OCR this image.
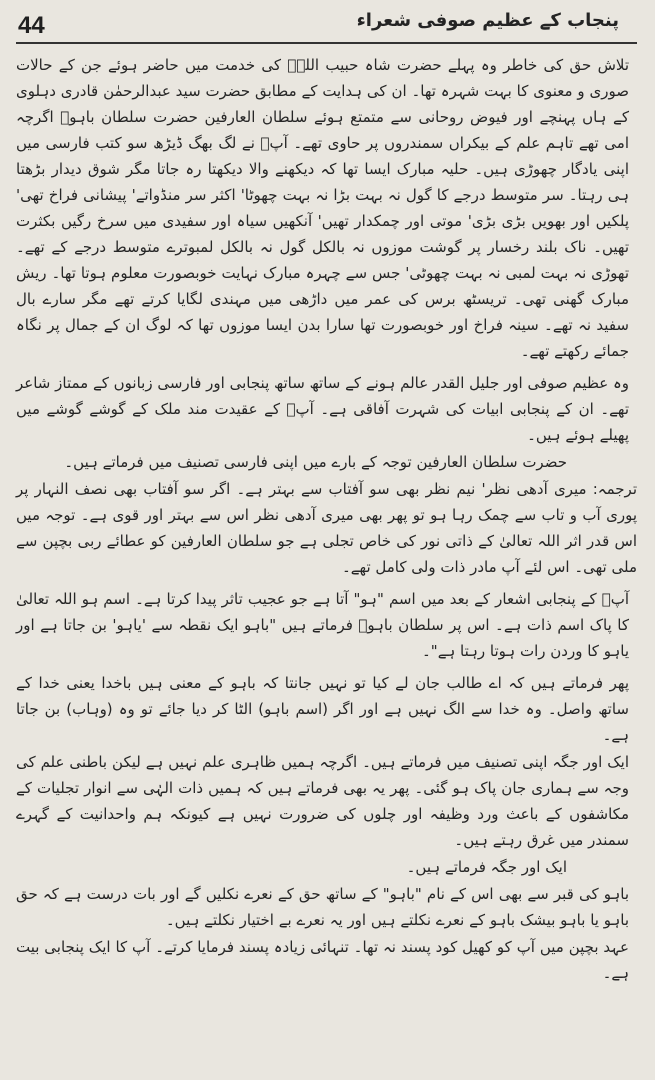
44	پنجاب کے عظیم صوفی شعراء

تلاش حق کی خاطر وہ پہلے حضرت شاہ حبیب اللہؒ کی خدمت میں حاضر ہوئے جن کے حالات صوری و معنوی کا بہت شہرہ تھا۔ ان کی ہدایت کے مطابق حضرت سید عبدالرحمٰن قادری دہلوی کے ہاں پہنچے اور فیوض روحانی سے متمتع ہوئے سلطان العارفین حضرت سلطان باہوؒ اگرچہ امی تھے تاہم علم کے بیکراں سمندروں پر حاوی تھے۔ آپؒ نے لگ بھگ ڈیڑھ سو کتب فارسی میں اپنی یادگار چھوڑی ہیں۔ حلیہ مبارک ایسا تھا کہ دیکھنے والا دیکھتا رہ جاتا مگر شوق دیدار بڑھتا ہی رہتا۔ سر متوسط درجے کا گول نہ بہت بڑا نہ بہت چھوٹا' اکثر سر منڈواتے' پیشانی فراخ تھی' پلکیں اور بھویں بڑی بڑی' موتی اور چمکدار تھیں' آنکھیں سیاہ اور سفیدی میں سرخ رگیں بکثرت تھیں۔ ناک بلند رخسار پر گوشت موزوں نہ بالکل گول نہ بالکل لمبوترے متوسط درجے کے تھے۔ تھوڑی نہ بہت لمبی نہ بہت چھوٹی' جس سے چہرہ مبارک نہایت خوبصورت معلوم ہوتا تھا۔ ریش مبارک گھنی تھی۔ تریسٹھ برس کی عمر میں داڑھی میں مہندی لگایا کرتے تھے مگر سارے بال سفید نہ تھے۔ سینہ فراخ اور خوبصورت تھا سارا بدن ایسا موزوں تھا کہ لوگ ان کے جمال پر نگاہ جمائے رکھتے تھے۔

وہ عظیم صوفی اور جلیل القدر عالم ہونے کے ساتھ ساتھ پنجابی اور فارسی زبانوں کے ممتاز شاعر تھے۔ ان کے پنجابی ابیات کی شہرت آفاقی ہے۔ آپؒ کے عقیدت مند ملک کے گوشے گوشے میں پھیلے ہوئے ہیں۔

حضرت سلطان العارفین توجہ کے بارے میں اپنی فارسی تصنیف میں فرماتے ہیں۔

ترجمہ: میری آدھی نظر' نیم نظر بھی سو آفتاب سے بہتر ہے۔ اگر سو آفتاب بھی نصف النہار پر پوری آب و تاب سے چمک رہا ہو تو پھر بھی میری آدھی نظر اس سے بہتر اور قوی ہے۔ توجہ میں اس قدر اثر اللہ تعالیٰ کے ذاتی نور کی خاص تجلی ہے جو سلطان العارفین کو عطائے ربی بچپن سے ملی تھی۔ اس لئے آپ مادر ذات ولی کامل تھے۔

آپؒ کے پنجابی اشعار کے بعد میں اسم "ہو" آتا ہے جو عجیب تاثر پیدا کرتا ہے۔ اسم ہو اللہ تعالیٰ کا پاک اسم ذات ہے۔ اس پر سلطان باہوؒ فرماتے ہیں "باہو ایک نقطہ سے 'یاہو' بن جاتا ہے اور یاہو کا وردن رات ہوتا رہتا ہے"۔

پھر فرماتے ہیں کہ اے طالب جان لے کیا تو نہیں جانتا کہ باہو کے معنی ہیں باخدا یعنی خدا کے ساتھ واصل۔ وہ خدا سے الگ نہیں ہے اور اگر (اسم باہو) الٹا کر دیا جائے تو وہ (وہاب) بن جاتا ہے۔

ایک اور جگہ اپنی تصنیف میں فرماتے ہیں۔ اگرچہ ہمیں ظاہری علم نہیں ہے لیکن باطنی علم کی وجہ سے ہماری جان پاک ہو گئی۔ پھر یہ بھی فرماتے ہیں کہ ہمیں ذات الہٰی سے انوار تجلیات کے مکاشفوں کے باعث ورد وظیفہ اور چلوں کی ضرورت نہیں ہے کیونکہ ہم واحدانیت کے گہرے سمندر میں غرق رہتے ہیں۔

ایک اور جگہ فرماتے ہیں۔

باہو کی قبر سے بھی اس کے نام "باہو" کے ساتھ حق کے نعرے نکلیں گے اور بات درست ہے کہ حق باہو یا باہو بیشک باہو کے نعرے نکلتے ہیں اور یہ نعرے بے اختیار نکلتے ہیں۔

عہد بچپن میں آپ کو کھیل کود پسند نہ تھا۔ تنہائی زیادہ پسند فرمایا کرتے۔ آپ کا ایک پنجابی بیت ہے۔
